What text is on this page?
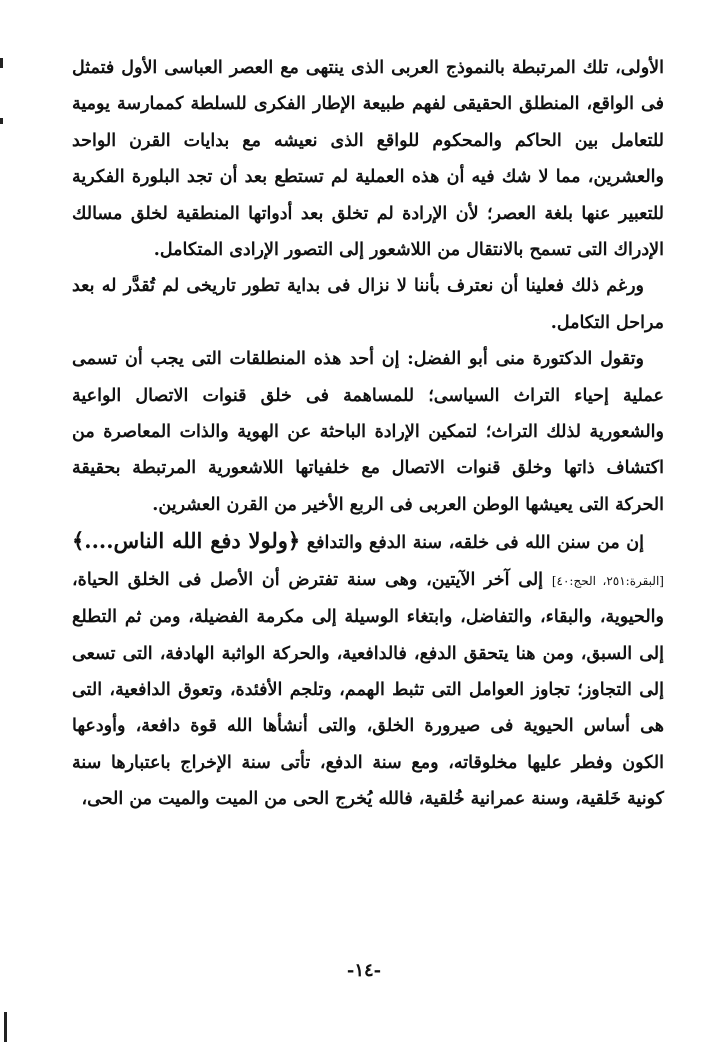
الأولى، تلك المرتبطة بالنموذج العربى الذى ينتهى مع العصر العباسى الأول فتمثل فى الواقع، المنطلق الحقيقى لفهم طبيعة الإطار الفكرى للسلطة كممارسة يومية للتعامل بين الحاكم والمحكوم للواقع الذى نعيشه مع بدايات القرن الواحد والعشرين، مما لا شك فيه أن هذه العملية لم تستطع بعد أن تجد البلورة الفكرية للتعبير عنها بلغة العصر؛ لأن الإرادة لم تخلق بعد أدواتها المنطقية لخلق مسالك الإدراك التى تسمح بالانتقال من اللاشعور إلى التصور الإرادى المتكامل.

ورغم ذلك فعلينا أن نعترف بأننا لا نزال فى بداية تطور تاريخى لم تُقدَّر له بعد مراحل التكامل.

وتقول الدكتورة منى أبو الفضل: إن أحد هذه المنطلقات التى يجب أن تسمى عملية إحياء التراث السياسى؛ للمساهمة فى خلق قنوات الاتصال الواعية والشعورية لذلك التراث؛ لتمكين الإرادة الباحثة عن الهوية والذات المعاصرة من اكتشاف ذاتها وخلق قنوات الاتصال مع خلفياتها اللاشعورية المرتبطة بحقيقة الحركة التى يعيشها الوطن العربى فى الربع الأخير من القرن العشرين.

إن من سنن الله فى خلقه، سنة الدفع والتدافع ﴿ولولا دفع الله الناس....﴾[البقرة:٢٥١، الحج:٤٠] إلى آخر الآيتين، وهى سنة تفترض أن الأصل فى الخلق الحياة، والحيوية، والبقاء، والتفاضل، وابتغاء الوسيلة إلى مكرمة الفضيلة، ومن ثم التطلع إلى السبق، ومن هنا يتحقق الدفع، فالدافعية، والحركة الواثبة الهادفة، التى تسعى إلى التجاوز؛ تجاوز العوامل التى تثبط الهمم، وتلجم الأفئدة، وتعوق الدافعية، التى هى أساس الحيوية فى صيرورة الخلق، والتى أنشأها الله قوة دافعة، وأودعها الكون وفطر عليها مخلوقاته، ومع سنة الدفع، تأتى سنة الإخراج باعتبارها سنة كونية خَلقية، وسنة عمرانية خُلقية، فالله يُخرج الحى من الميت والميت من الحى،

-١٤-
